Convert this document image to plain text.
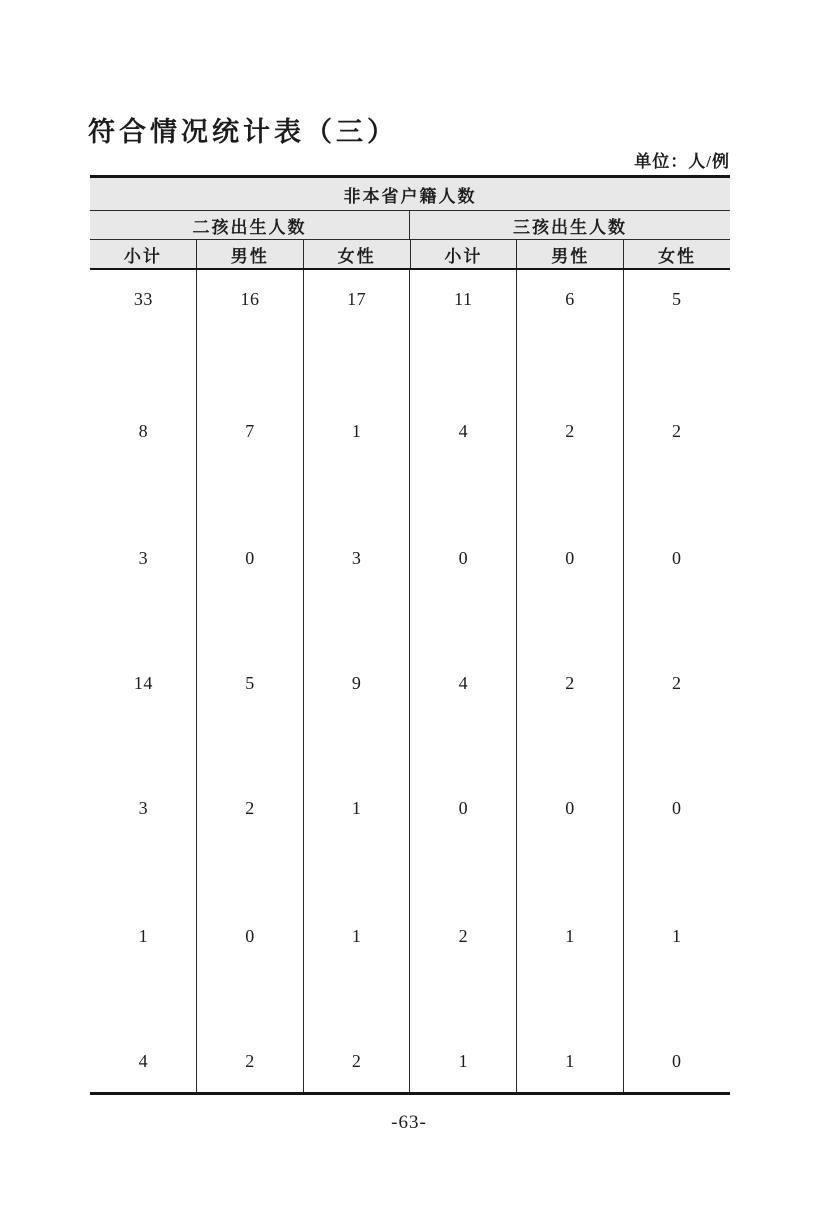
符合情况统计表（三）
单位：人/例
非本省户籍人数
二孩出生人数	三孩出生人数
小计	男性	女性	小计	男性	女性
33	16	17	11	6	5
8	7	1	4	2	2
3	0	3	0	0	0
14	5	9	4	2	2
3	2	1	0	0	0
1	0	1	2	1	1
4	2	2	1	1	0
-63-
